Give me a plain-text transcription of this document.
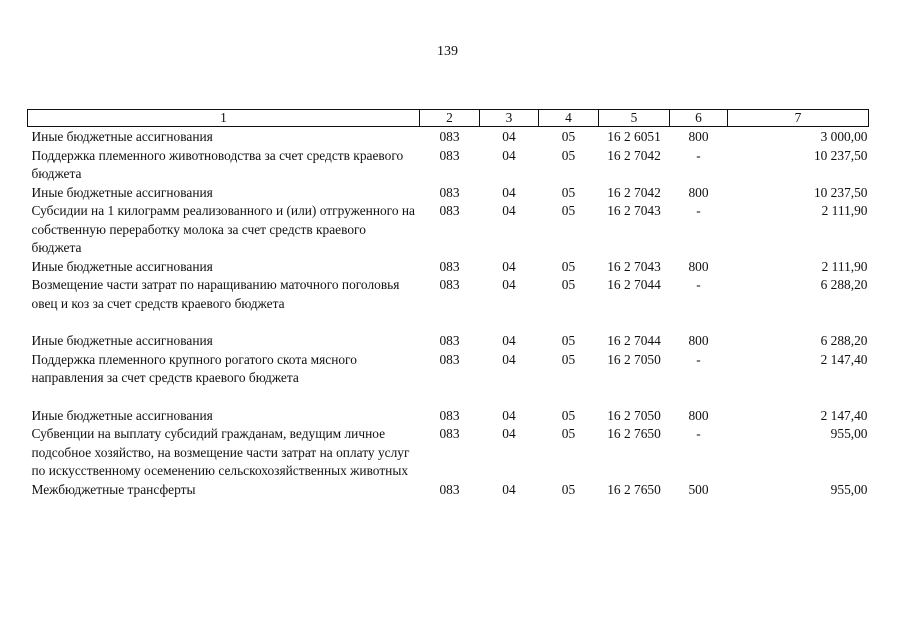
139
1	2	3	4	5	6	7
Иные бюджетные ассигнования	083	04	05	16 2 6051	800	3 000,00
Поддержка племенного животноводства за счет средств краевого бюджета	083	04	05	16 2 7042	-	10 237,50
Иные бюджетные ассигнования	083	04	05	16 2 7042	800	10 237,50
Субсидии на 1 килограмм реализованного и (или) отгруженного на собственную переработку молока за счет средств краевого бюджета	083	04	05	16 2 7043	-	2 111,90
Иные бюджетные ассигнования	083	04	05	16 2 7043	800	2 111,90
Возмещение части затрат по наращиванию маточного поголовья овец и коз за счет средств краевого бюджета	083	04	05	16 2 7044	-	6 288,20
Иные бюджетные ассигнования	083	04	05	16 2 7044	800	6 288,20
Поддержка племенного крупного рогатого скота мясного направления за счет средств краевого бюджета	083	04	05	16 2 7050	-	2 147,40
Иные бюджетные ассигнования	083	04	05	16 2 7050	800	2 147,40
Субвенции на выплату субсидий гражданам, ведущим личное подсобное хозяйство, на возмещение части затрат на оплату услуг по искусственному осеменению сельскохозяйственных животных	083	04	05	16 2 7650	-	955,00
Межбюджетные трансферты	083	04	05	16 2 7650	500	955,00
